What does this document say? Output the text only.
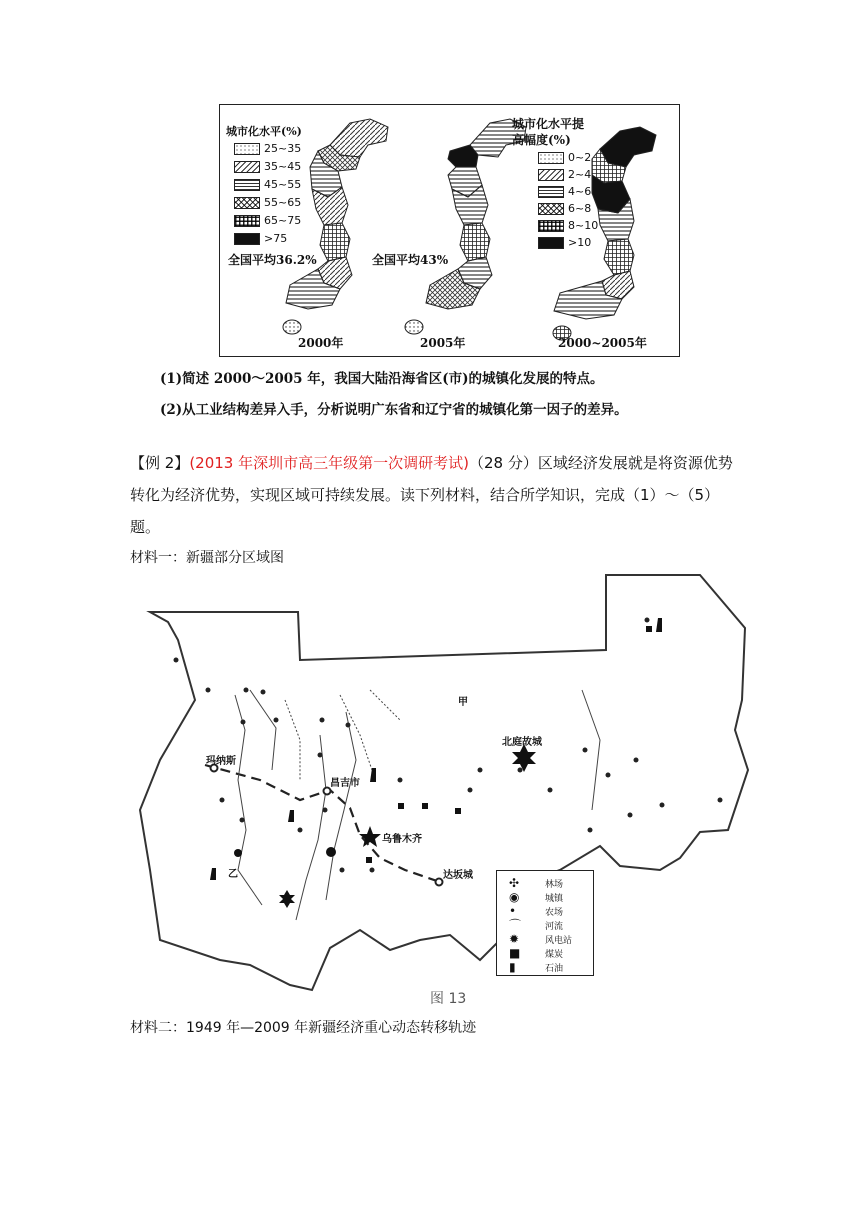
城市化水平(%)
25~35
35~45
45~55
55~65
65~75
>75
全国平均36.2%	全国平均43%
城市化水平提
高幅度(%)
0~2
2~4
4~6
6~8
8~10
>10
2000年	2005年	2000~2005年
(1)简述 2000～2005 年，我国大陆沿海省区(市)的城镇化发展的特点。
(2)从工业结构差异入手，分析说明广东省和辽宁省的城镇化第一因子的差异。
【例 2】(2013 年深圳市高三年级第一次调研考试)（28 分）区域经济发展就是将资源优势
转化为经济优势，实现区域可持续发展。读下列材料，结合所学知识，完成（1）～（5）
题。
材料一：新疆部分区域图
甲
乙
玛纳斯
昌吉市
乌鲁木齐
北庭故城
达坂城
✣	林场
◉	城镇
•	农场
⌒	河流
✹	风电站
■	煤炭
▮	石油
图 13
材料二：1949 年—2009 年新疆经济重心动态转移轨迹
